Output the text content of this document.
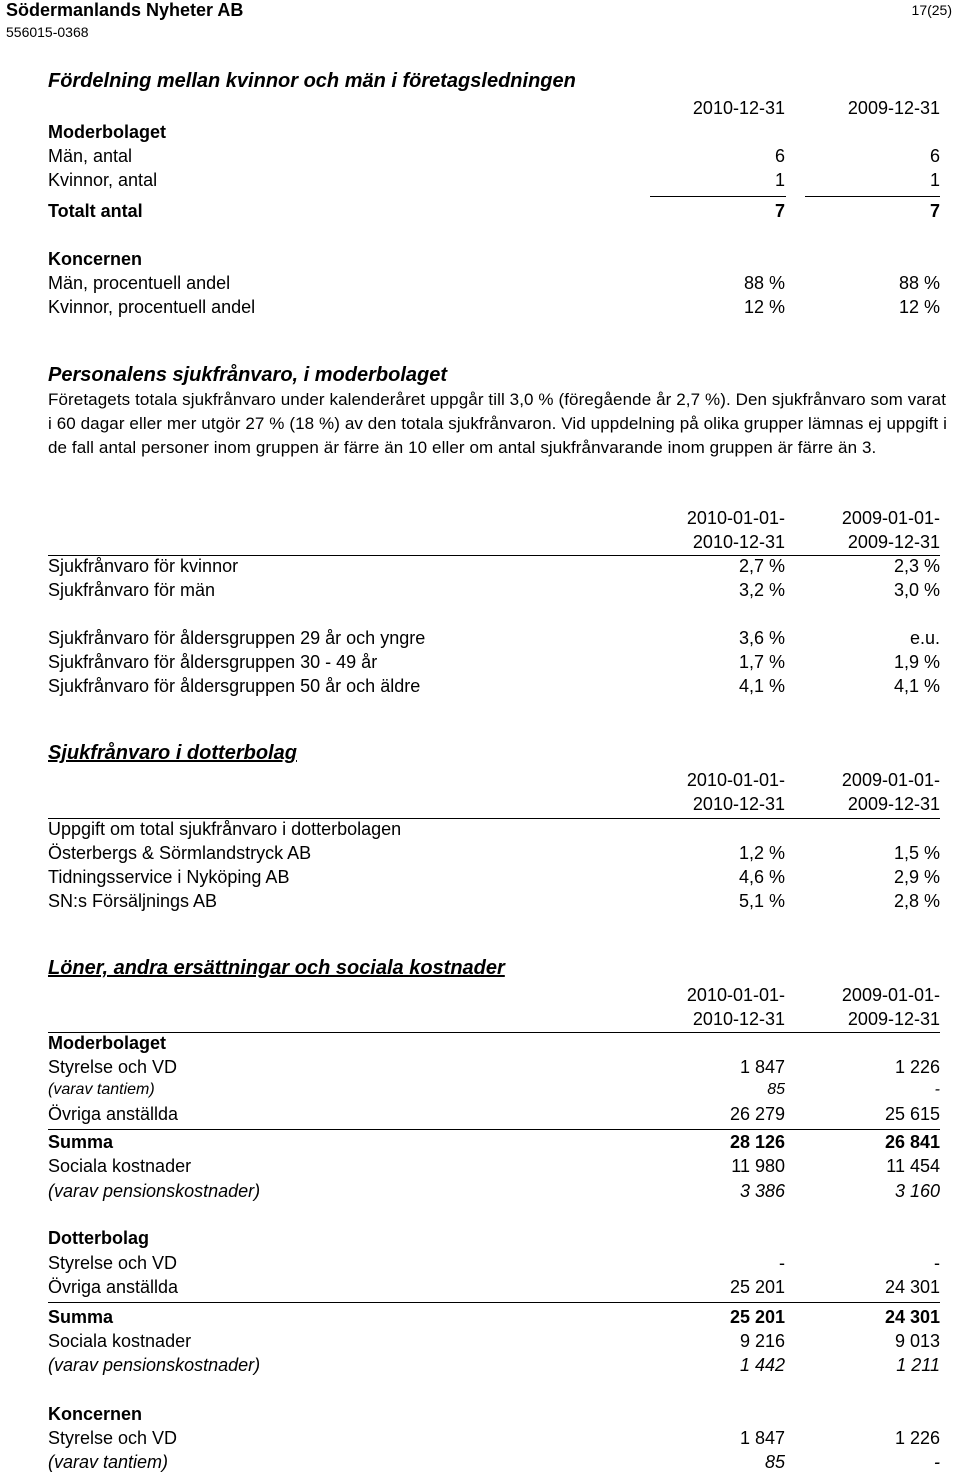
Södermanlands Nyheter AB
556015-0368
17(25)
Fördelning mellan kvinnor och män i företagsledningen
2010-12-31	2009-12-31
Moderbolaget
Män, antal	6	6
Kvinnor, antal	1	1
Totalt antal	7	7
Koncernen
Män, procentuell andel	88 %	88 %
Kvinnor, procentuell andel	12 %	12 %
Personalens sjukfrånvaro, i moderbolaget
Företagets totala sjukfrånvaro under kalenderåret uppgår till 3,0 % (föregående år 2,7 %). Den sjukfrånvaro som varat i 60 dagar eller mer utgör 27 % (18 %) av den totala sjukfrånvaron. Vid uppdelning på olika grupper lämnas ej uppgift i de fall antal personer inom gruppen är färre än 10 eller om antal sjukfrånvarande inom gruppen är färre än 3.
2010-01-01-	2009-01-01-
2010-12-31	2009-12-31
Sjukfrånvaro för kvinnor	2,7 %	2,3 %
Sjukfrånvaro för män	3,2 %	3,0 %
Sjukfrånvaro för åldersgruppen 29 år och yngre	3,6 %	e.u.
Sjukfrånvaro för åldersgruppen 30 - 49 år	1,7 %	1,9 %
Sjukfrånvaro för åldersgruppen 50 år och äldre	4,1 %	4,1 %
Sjukfrånvaro i dotterbolag
2010-01-01-	2009-01-01-
2010-12-31	2009-12-31
Uppgift om total sjukfrånvaro i dotterbolagen
Österbergs & Sörmlandstryck AB	1,2 %	1,5 %
Tidningsservice i Nyköping AB	4,6 %	2,9 %
SN:s Försäljnings AB	5,1 %	2,8 %
Löner, andra ersättningar och sociala kostnader
2010-01-01-	2009-01-01-
2010-12-31	2009-12-31
Moderbolaget
Styrelse och VD	1 847	1 226
(varav tantiem)	85	-
Övriga anställda	26 279	25 615
Summa	28 126	26 841
Sociala kostnader	11 980	11 454
(varav pensionskostnader)	3 386	3 160
Dotterbolag
Styrelse och VD	-	-
Övriga anställda	25 201	24 301
Summa	25 201	24 301
Sociala kostnader	9 216	9 013
(varav pensionskostnader)	1 442	1 211
Koncernen
Styrelse och VD	1 847	1 226
(varav tantiem)	85	-
